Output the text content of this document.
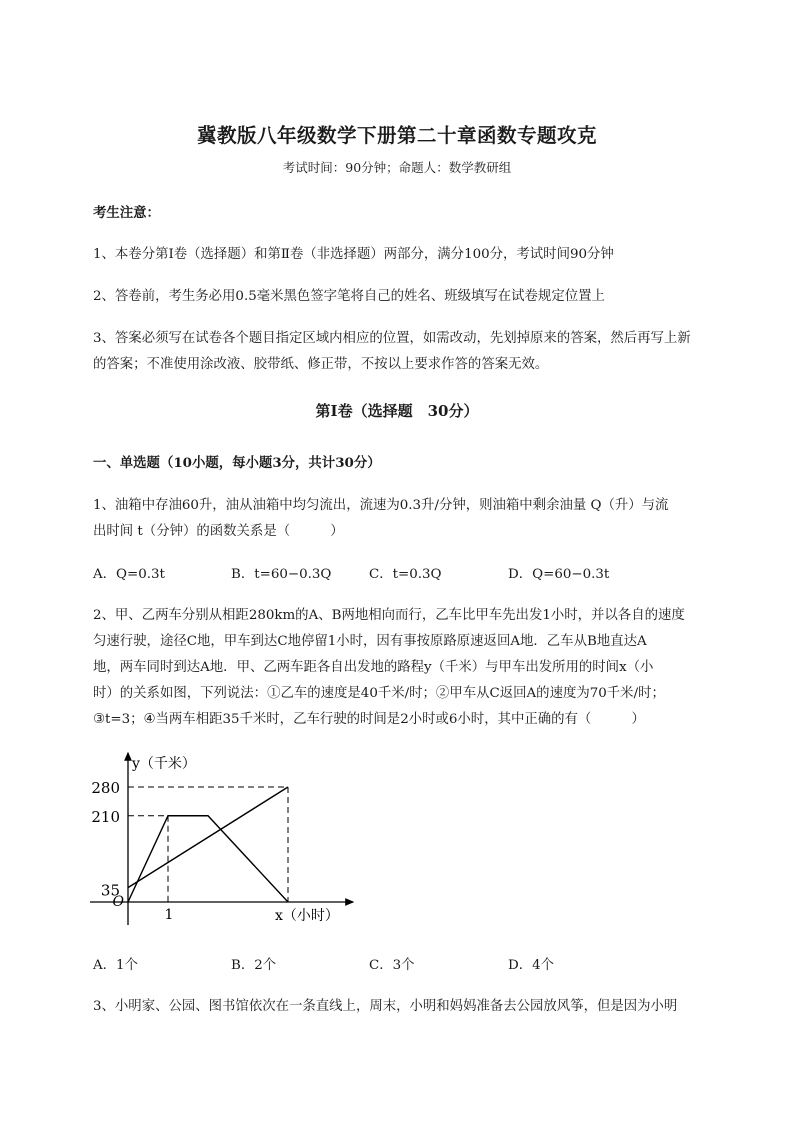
冀教版八年级数学下册第二十章函数专题攻克
考试时间：90分钟；命题人：数学教研组
考生注意：
1、本卷分第I卷（选择题）和第Ⅱ卷（非选择题）两部分，满分100分，考试时间90分钟
2、答卷前，考生务必用0.5毫米黑色签字笔将自己的姓名、班级填写在试卷规定位置上
3、答案必须写在试卷各个题目指定区域内相应的位置，如需改动，先划掉原来的答案，然后再写上新
的答案；不准使用涂改液、胶带纸、修正带，不按以上要求作答的答案无效。
第I卷（选择题　30分）
一、单选题（10小题，每小题3分，共计30分）
1、油箱中存油60升，油从油箱中均匀流出，流速为0.3升/分钟，则油箱中剩余油量 Q（升）与流
出时间 t（分钟）的函数关系是（　　　）
A．Q=0.3t	B．t=60−0.3Q	C．t=0.3Q	D．Q=60−0.3t
2、甲、乙两车分别从相距280km的A、B两地相向而行，乙车比甲车先出发1小时，并以各自的速度
匀速行驶，途径C地，甲车到达C地停留1小时，因有事按原路原速返回A地．乙车从B地直达A
地，两车同时到达A地．甲、乙两车距各自出发地的路程y（千米）与甲车出发所用的时间x（小
时）的关系如图，下列说法：①乙车的速度是40千米/时；②甲车从C返回A的速度为70千米/时；
③t=3；④当两车相距35千米时，乙车行驶的时间是2小时或6小时，其中正确的有（　　　）
280
210
35
1
O
y（千米）
x（小时）
A．1个	B．2个	C．3个	D．4个
3、小明家、公园、图书馆依次在一条直线上，周末，小明和妈妈准备去公园放风筝，但是因为小明
